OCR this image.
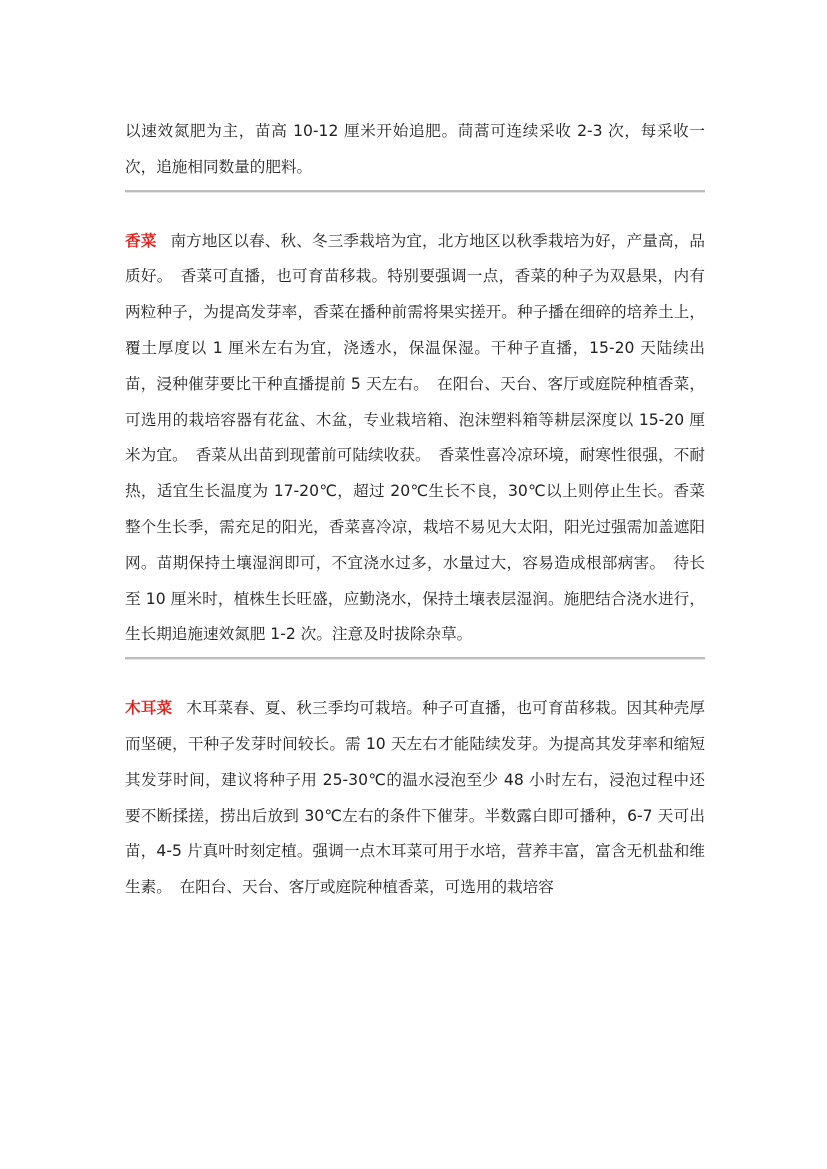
以速效氮肥为主，苗高 10-12 厘米开始追肥。茼蒿可连续采收 2-3 次，每采收一次，追施相同数量的肥料。

香菜 南方地区以春、秋、冬三季栽培为宜，北方地区以秋季栽培为好，产量高，品质好。　香菜可直播，也可育苗移栽。特别要强调一点，香菜的种子为双悬果，内有两粒种子，为提高发芽率，香菜在播种前需将果实搓开。种子播在细碎的培养土上，覆土厚度以 1 厘米左右为宜，浇透水，保温保湿。干种子直播，15-20 天陆续出苗，浸种催芽要比干种直播提前 5 天左右。　在阳台、天台、客厅或庭院种植香菜，可选用的栽培容器有花盆、木盆，专业栽培箱、泡沫塑料箱等耕层深度以 15-20 厘米为宜。　香菜从出苗到现蕾前可陆续收获。　香菜性喜冷凉环境，耐寒性很强，不耐热，适宜生长温度为 17-20℃，超过 20℃生长不良，30℃以上则停止生长。香菜整个生长季，需充足的阳光，香菜喜冷凉，栽培不易见大太阳，阳光过强需加盖遮阳网。苗期保持土壤湿润即可，不宜浇水过多，水量过大，容易造成根部病害。　待长至 10 厘米时，植株生长旺盛，应勤浇水，保持土壤表层湿润。施肥结合浇水进行，生长期追施速效氮肥 1-2 次。注意及时拔除杂草。

木耳菜 木耳菜春、夏、秋三季均可栽培。种子可直播，也可育苗移栽。因其种壳厚而坚硬，干种子发芽时间较长。需 10 天左右才能陆续发芽。为提高其发芽率和缩短其发芽时间，建议将种子用 25-30℃的温水浸泡至少 48 小时左右，浸泡过程中还要不断揉搓，捞出后放到 30℃左右的条件下催芽。半数露白即可播种，6-7 天可出苗，4-5 片真叶时刻定植。强调一点木耳菜可用于水培，营养丰富，富含无机盐和维生素。　在阳台、天台、客厅或庭院种植香菜，可选用的栽培容
